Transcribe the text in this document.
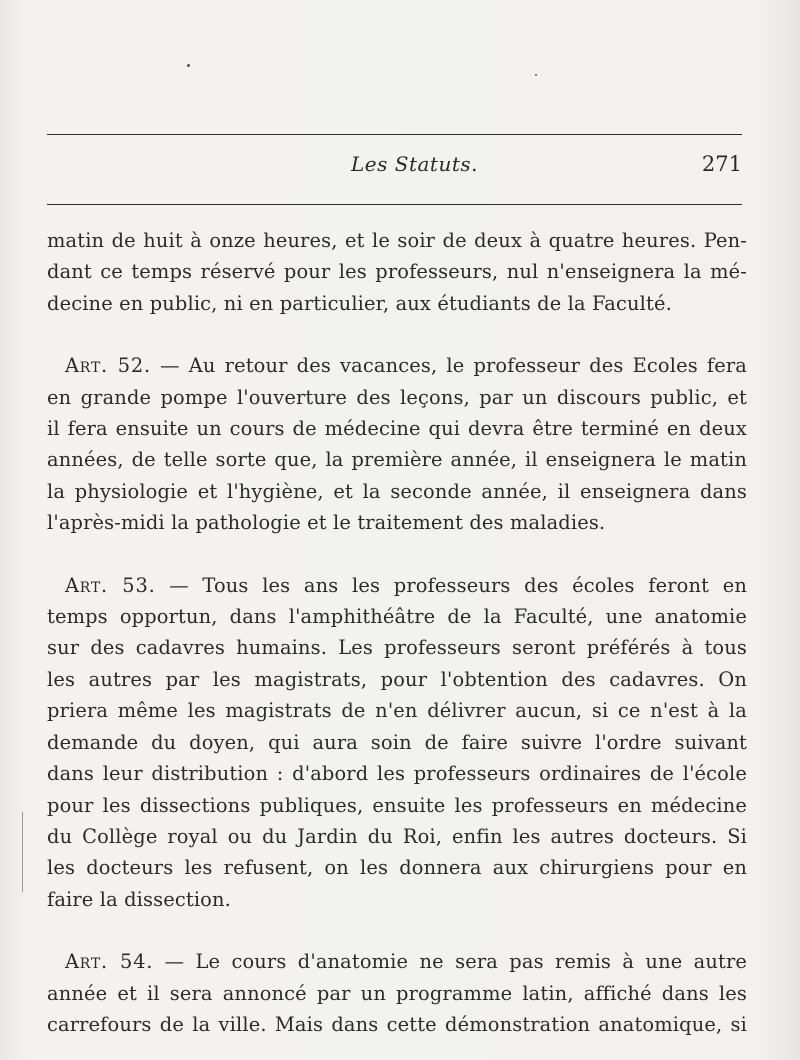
Les Statuts.	271

matin de huit à onze heures, et le soir de deux à quatre heures. Pen-
dant ce temps réservé pour les professeurs, nul n'enseignera la mé-
decine en public, ni en particulier, aux étudiants de la Faculté.

Art. 52. — Au retour des vacances, le professeur des Ecoles fera
en grande pompe l'ouverture des leçons, par un discours public, et
il fera ensuite un cours de médecine qui devra être terminé en deux
années, de telle sorte que, la première année, il enseignera le matin
la physiologie et l'hygiène, et la seconde année, il enseignera dans
l'après-midi la pathologie et le traitement des maladies.

Art. 53. — Tous les ans les professeurs des écoles feront en
temps opportun, dans l'amphithéâtre de la Faculté, une anatomie
sur des cadavres humains. Les professeurs seront préférés à tous
les autres par les magistrats, pour l'obtention des cadavres. On
priera même les magistrats de n'en délivrer aucun, si ce n'est à la
demande du doyen, qui aura soin de faire suivre l'ordre suivant
dans leur distribution : d'abord les professeurs ordinaires de l'école
pour les dissections publiques, ensuite les professeurs en médecine
du Collège royal ou du Jardin du Roi, enfin les autres docteurs. Si
les docteurs les refusent, on les donnera aux chirurgiens pour en
faire la dissection.

Art. 54. — Le cours d'anatomie ne sera pas remis à une autre
année et il sera annoncé par un programme latin, affiché dans les
carrefours de la ville. Mais dans cette démonstration anatomique, si
